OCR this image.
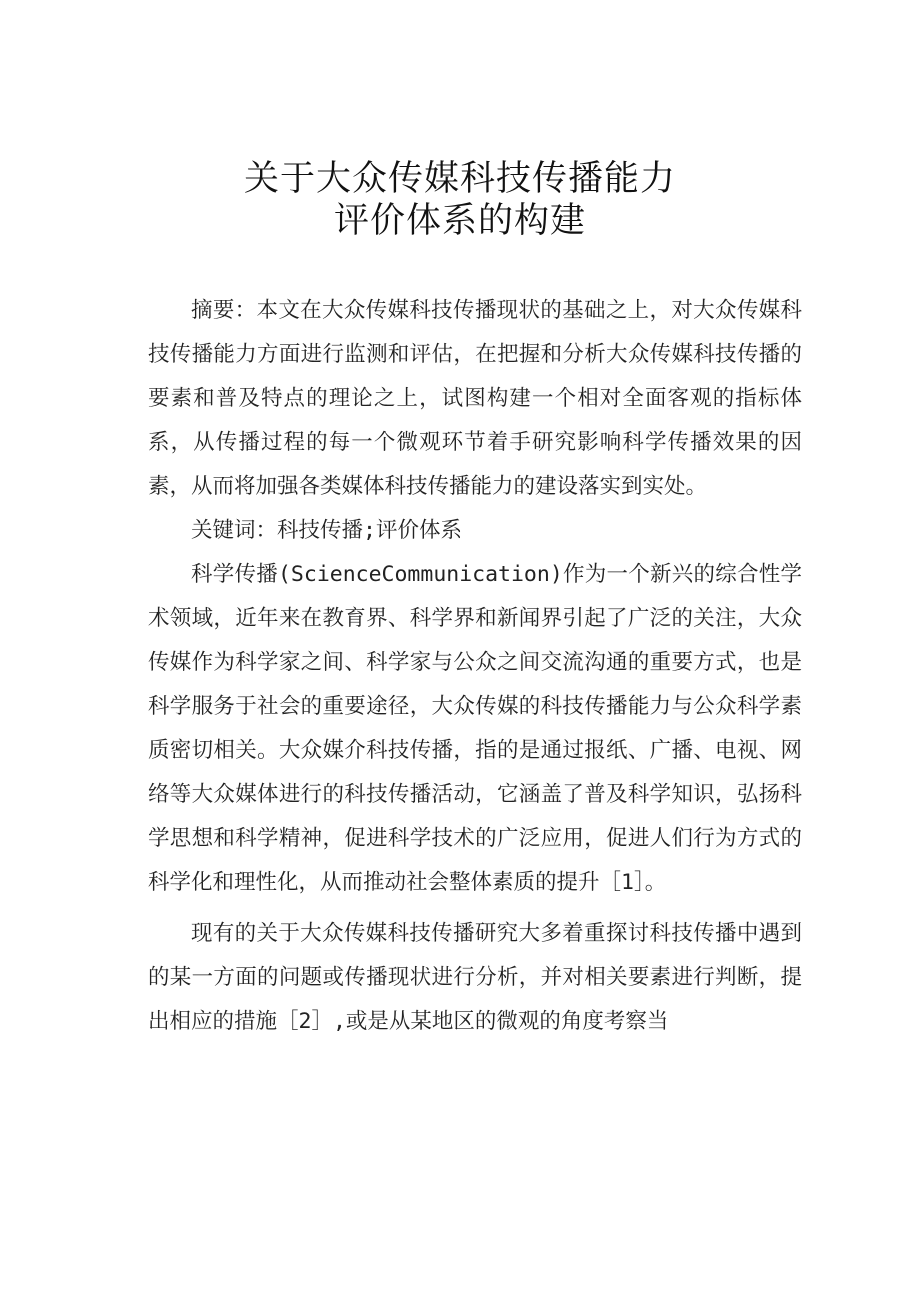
关于大众传媒科技传播能力
评价体系的构建

摘要：本文在大众传媒科技传播现状的基础之上，对大众传媒科技传播能力方面进行监测和评估，在把握和分析大众传媒科技传播的要素和普及特点的理论之上，试图构建一个相对全面客观的指标体系，从传播过程的每一个微观环节着手研究影响科学传播效果的因素，从而将加强各类媒体科技传播能力的建设落实到实处。

关键词：科技传播;评价体系

科学传播(ScienceCommunication)作为一个新兴的综合性学术领域，近年来在教育界、科学界和新闻界引起了广泛的关注，大众传媒作为科学家之间、科学家与公众之间交流沟通的重要方式，也是科学服务于社会的重要途径，大众传媒的科技传播能力与公众科学素质密切相关。大众媒介科技传播，指的是通过报纸、广播、电视、网络等大众媒体进行的科技传播活动，它涵盖了普及科学知识，弘扬科学思想和科学精神，促进科学技术的广泛应用，促进人们行为方式的科学化和理性化，从而推动社会整体素质的提升［1］。

现有的关于大众传媒科技传播研究大多着重探讨科技传播中遇到的某一方面的问题或传播现状进行分析，并对相关要素进行判断，提出相应的措施［2］,或是从某地区的微观的角度考察当
